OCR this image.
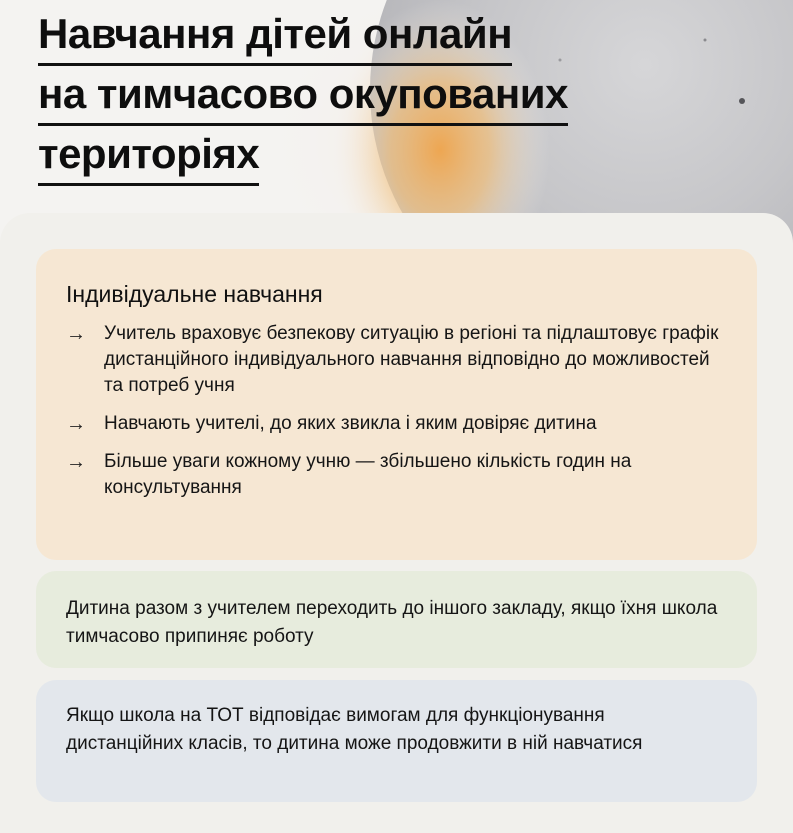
Навчання дітей онлайн
на тимчасово окупованих
територіях
Індивідуальне навчання
→ Учитель враховує безпекову ситуацію в регіоні та підлаштовує графік дистанційного індивідуального навчання відповідно до можливостей та потреб учня
→ Навчають учителі, до яких звикла і яким довіряє дитина
→ Більше уваги кожному учню — збільшено кількість годин на консультування

Дитина разом з учителем переходить до іншого закладу, якщо їхня школа тимчасово припиняє роботу

Якщо школа на ТОТ відповідає вимогам для функціонування дистанційних класів, то дитина може продовжити в ній навчатися
